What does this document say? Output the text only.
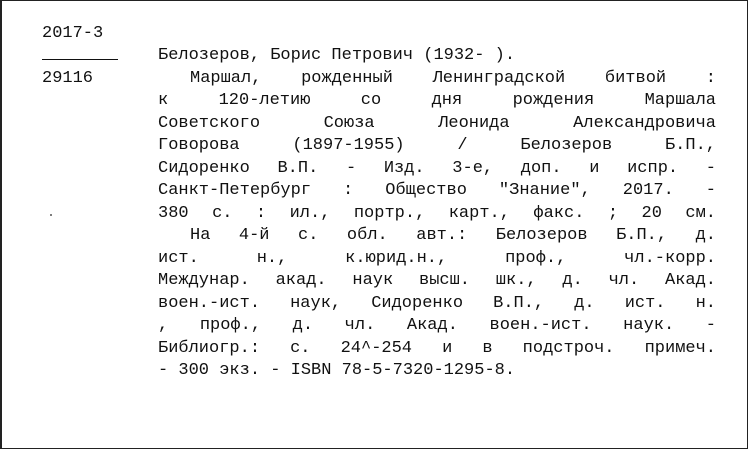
2017-3
29116
Белозеров, Борис Петрович (1932- ).
Маршал, рожденный Ленинградской битвой :
к 120-летию со дня рождения Маршала
Советского Союза Леонида Александровича
Говорова (1897-1955) / Белозеров Б.П.,
Сидоренко В.П. - Изд. 3-е, доп. и испр. -
Санкт-Петербург : Общество "Знание", 2017. -
380 с. : ил., портр., карт., факс. ; 20 см.
На 4-й с. обл. авт.: Белозеров Б.П., д.
ист. н., к.юрид.н., проф., чл.-корр.
Междунар. акад. наук высш. шк., д. чл. Акад.
воен.-ист. наук, Сидоренко В.П., д. ист. н.
, проф., д. чл. Акад. воен.-ист. наук. -
Библиогр.: с. 24^-254 и в подстроч. примеч.
- 300 экз. - ISBN 78-5-7320-1295-8.
